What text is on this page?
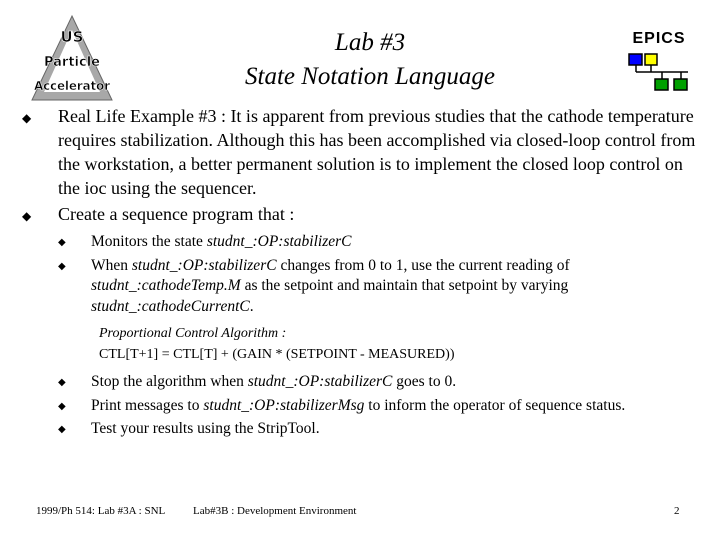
US
Particle
Accelerator
Lab #3
State Notation Language
EPICS
◆ Real Life Example #3 : It is apparent from previous studies that the cathode temperature requires stabilization. Although this has been accomplished via closed-loop control from the workstation, a better permanent solution is to implement the closed loop control on the ioc using the sequencer.
◆ Create a sequence program that :
◆ Monitors the state studnt_:OP:stabilizerC
◆ When studnt_:OP:stabilizerC changes from 0 to 1, use the current reading of studnt_:cathodeTemp.M as the setpoint and maintain that setpoint by varying studnt_:cathodeCurrentC.
Proportional Control Algorithm :
CTL[T+1] = CTL[T] + (GAIN * (SETPOINT - MEASURED))
◆ Stop the algorithm when studnt_:OP:stabilizerC goes to 0.
◆ Print messages to studnt_:OP:stabilizerMsg to inform the operator of sequence status.
◆ Test your results using the StripTool.
1999/Ph 514: Lab #3A : SNL	Lab#3B : Development Environment	2
